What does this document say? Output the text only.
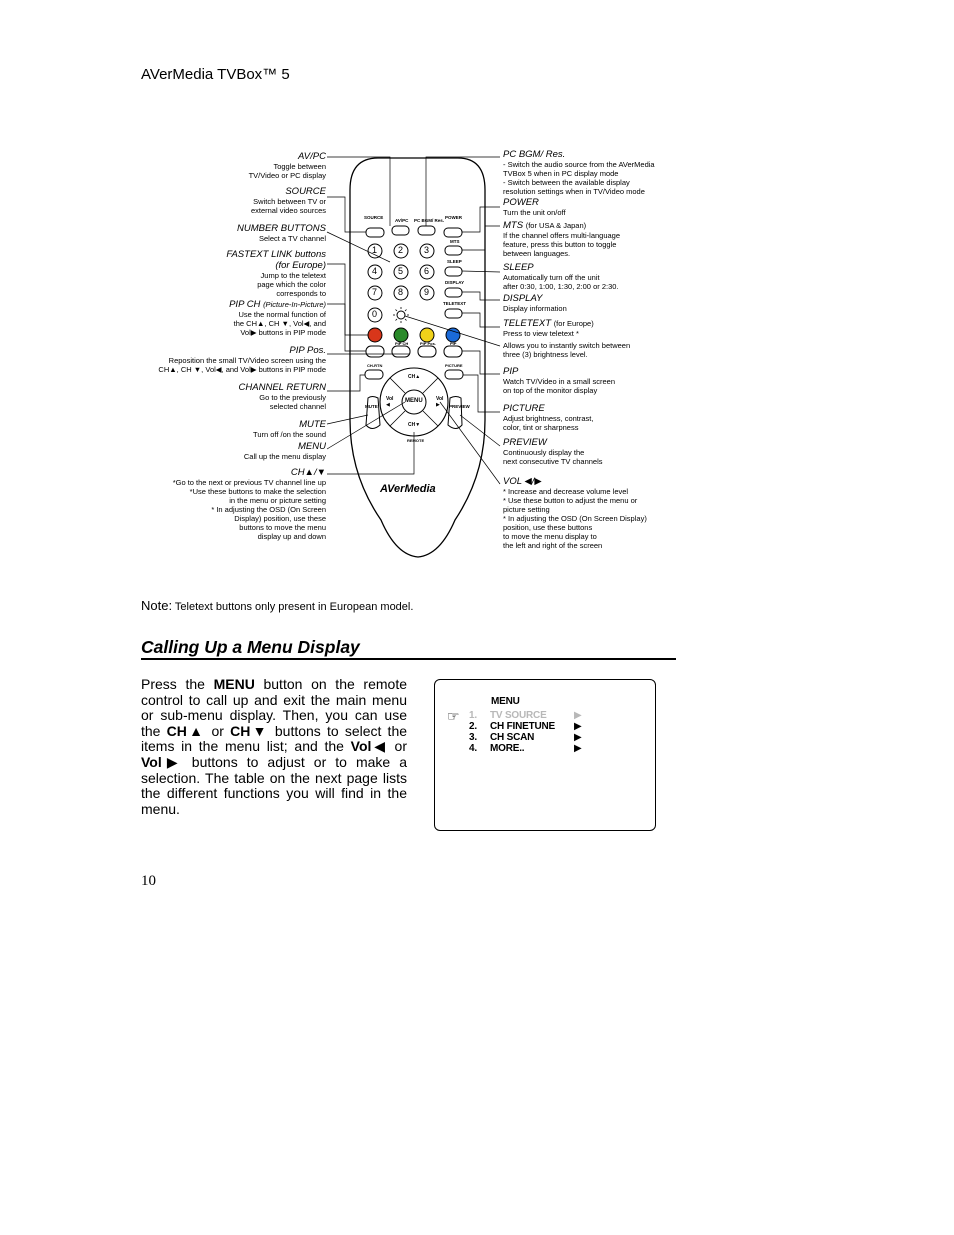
AVerMedia TVBox™ 5
SOURCE
AV/PC PC BGM/ Res.
POWER
MTS
SLEEP
DISPLAY
TELETEXT
1 2 3
4 5 6
7 8 9
0
PIP CH	PIP Pos.	PIP
CH-RTN	PICTURE
CH▲
CH▼
Vol
◀
Vol
▶
MENU
MUTE	PREVIEW
REMOTE
AVerMedia
AV/PC
Toggle between
TV/Video or PC display
SOURCE
Switch between TV or
external video sources
NUMBER BUTTONS
Select a TV channel
FASTEXT LINK buttons
(for Europe)
Jump to the teletext
page which the color
corresponds to
PIP CH (Picture-In-Picture)
Use the normal function of
the CH▲, CH ▼, Vol◀, and
Vol▶ buttons in PIP mode
PIP Pos.
Reposition the small TV/Video screen using the
CH▲, CH ▼, Vol◀, and Vol▶ buttons in PIP mode
CHANNEL RETURN
Go to the previously
selected channel
MUTE
Turn off /on the sound
MENU
Call up the menu display
CH▲/▼
*Go to the next or previous TV channel line up
*Use these buttons to make the selection
in the menu or picture setting
* In adjusting the OSD (On Screen
Display) position, use these
buttons to move the menu
display up and down
PC BGM/ Res.
- Switch the audio source from the AVerMedia
TVBox 5 when in PC display mode
- Switch between the available display
resolution settings when in TV/Video mode
POWER
Turn the unit on/off
MTS (for USA & Japan)
If the channel offers multi-language
feature, press this button to toggle
between languages.
SLEEP
Automatically turn off the unit
after 0:30, 1:00, 1:30, 2:00 or 2:30.
DISPLAY
Display information
TELETEXT (for Europe)
Press to view teletext *
Allows you to instantly switch between
three (3) brightness level.
PIP
Watch TV/Video in a small screen
on top of the monitor display
PICTURE
Adjust brightness, contrast,
color, tint or sharpness
PREVIEW
Continuously display the
next consecutive TV channels
VOL ◀/▶
* Increase and decrease volume level
* Use these button to adjust the menu or
picture setting
* In adjusting the OSD (On Screen Display)
position, use these buttons
to move the menu display to
the left and right of the screen
Note: Teletext buttons only present in European model.
Calling Up a Menu Display
Press the MENU button on the remote control to call up and exit the main menu or sub-menu display. Then, you can use the CH▲ or CH▼ buttons to select the items in the menu list; and the Vol◀ or Vol▶ buttons to adjust or to make a selection. The table on the next page lists the different functions you will find in the menu.
MENU
☞ 1. TV SOURCE	▶
2. CH FINETUNE ▶
3. CH SCAN	▶
4. MORE..	▶
10
